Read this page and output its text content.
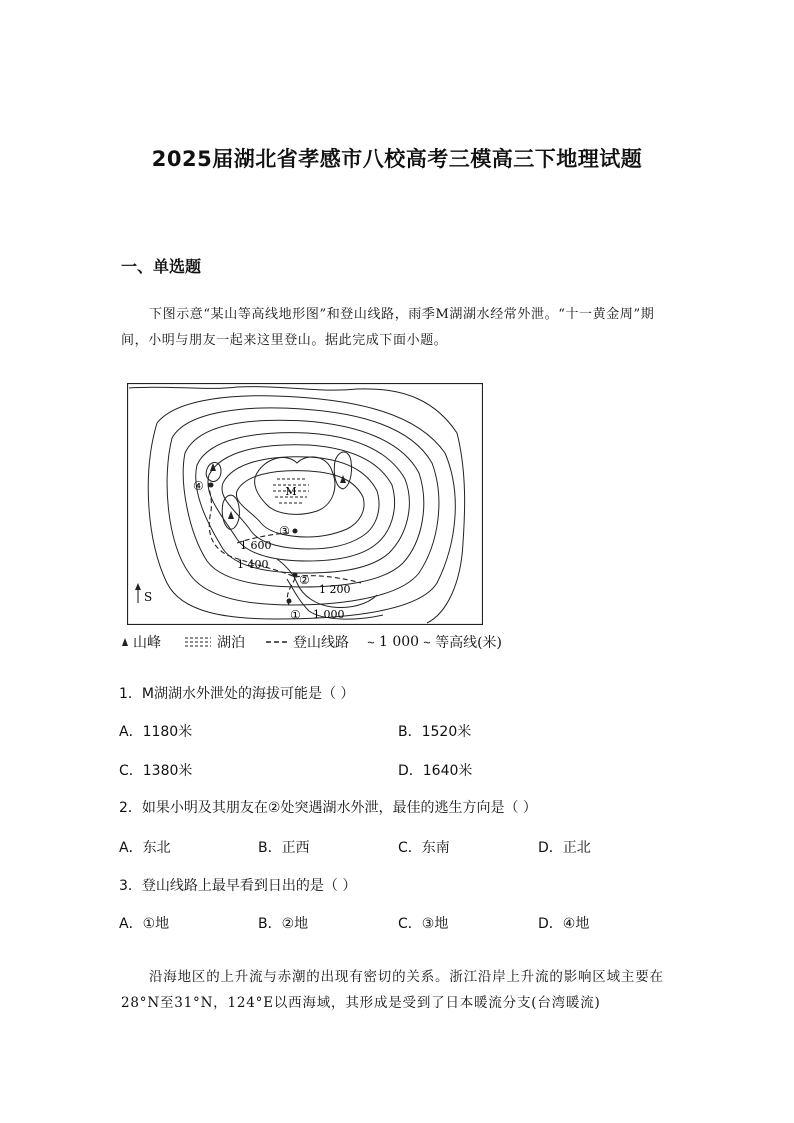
2025届湖北省孝感市八校高考三模高三下地理试题
一、单选题
下图示意“某山等高线地形图”和登山线路，雨季M湖湖水经常外泄。“十一黄金周”期间，小明与朋友一起来这里登山。据此完成下面小题。
M
①
②
③
④
1 600
1 400
1 200
1 000
S
山峰	湖泊	登山线路 1 000 等高线(米)
1．M湖湖水外泄处的海拔可能是（ ）
A．1180米	B．1520米
C．1380米	D．1640米
2．如果小明及其朋友在②处突遇湖水外泄，最佳的逃生方向是（ ）
A．东北	B．正西	C．东南	D．正北
3．登山线路上最早看到日出的是（ ）
A．①地	B．②地	C．③地	D．④地
沿海地区的上升流与赤潮的出现有密切的关系。浙江沿岸上升流的影响区域主要在28°N至31°N，124°E以西海域，其形成是受到了日本暖流分支(台湾暖流)
